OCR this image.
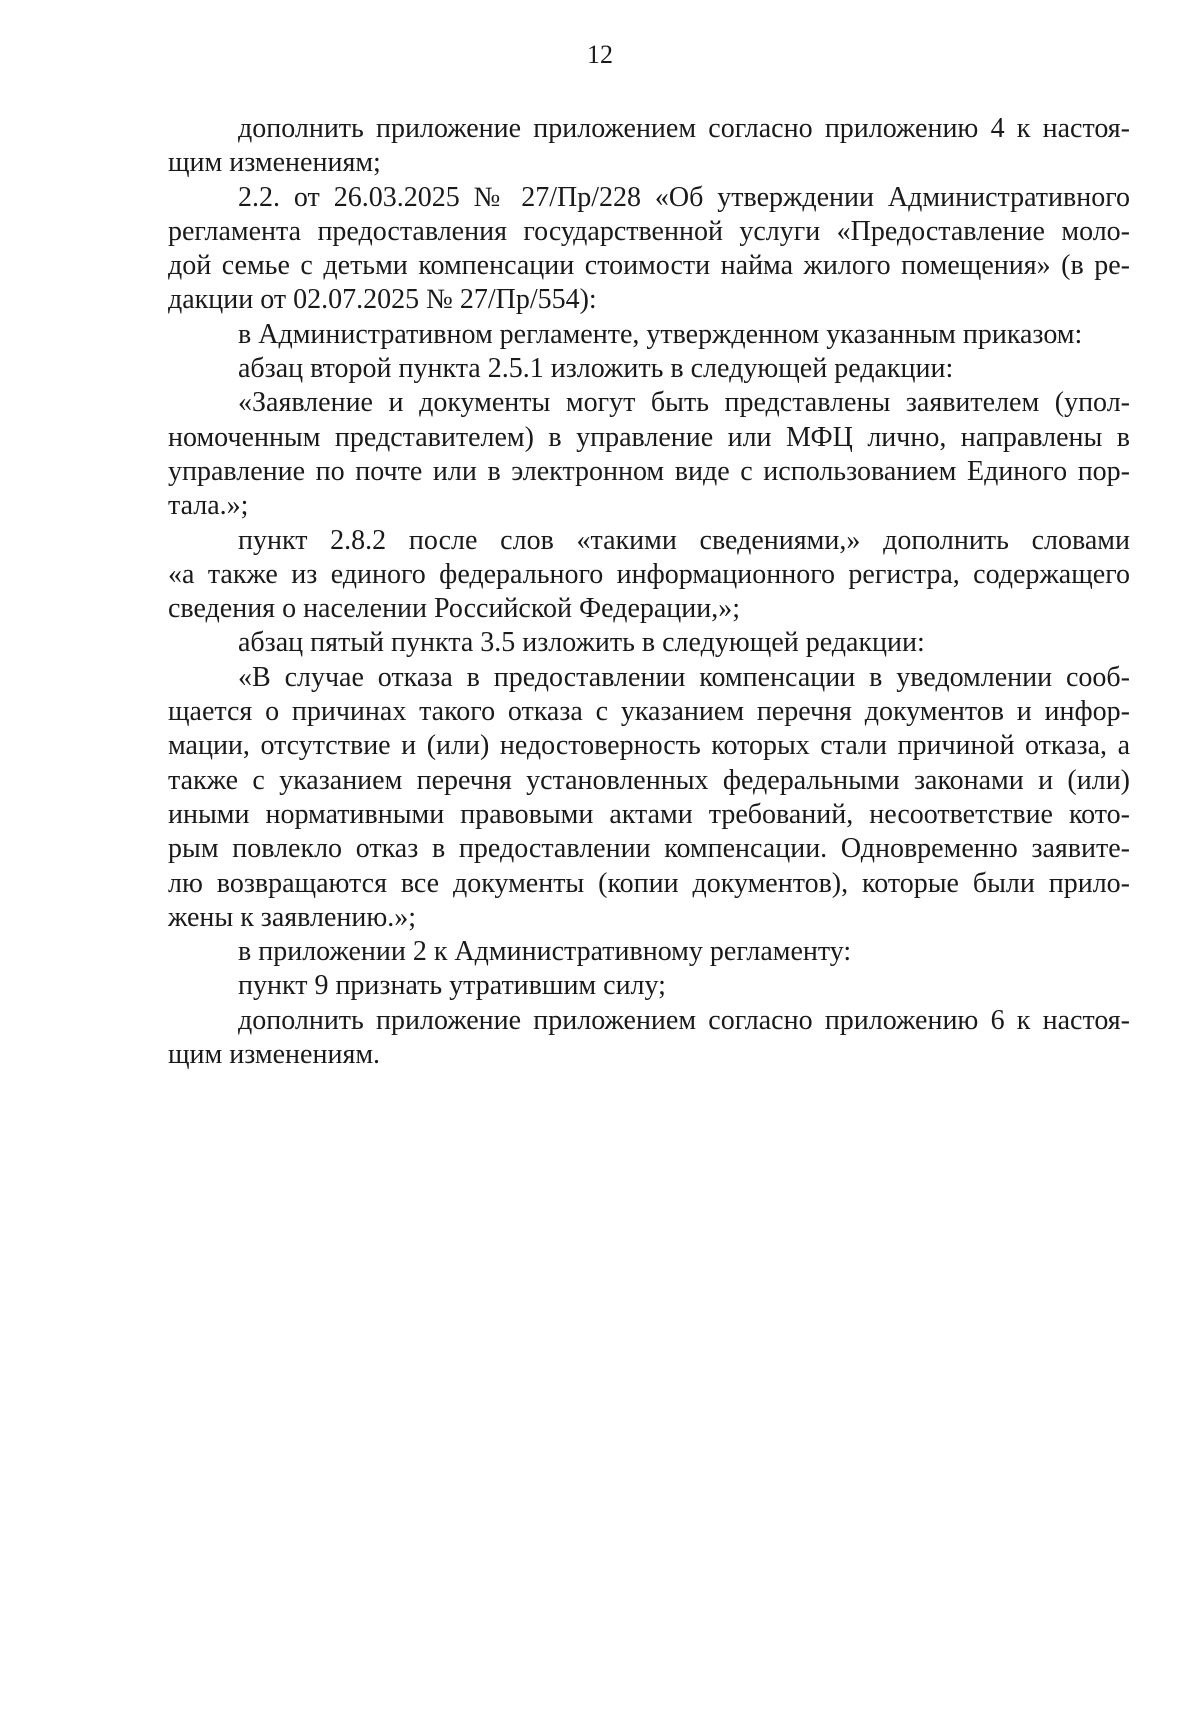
12
дополнить приложение приложением согласно приложению 4 к настоя-
щим изменениям;
2.2. от 26.03.2025 № 27/Пр/228 «Об утверждении Административного
регламента предоставления государственной услуги «Предоставление моло-
дой семье с детьми компенсации стоимости найма жилого помещения» (в ре-
дакции от 02.07.2025 № 27/Пр/554):
в Административном регламенте, утвержденном указанным приказом:
абзац второй пункта 2.5.1 изложить в следующей редакции:
«Заявление и документы могут быть представлены заявителем (упол-
номоченным представителем) в управление или МФЦ лично, направлены в
управление по почте или в электронном виде с использованием Единого пор-
тала.»;
пункт 2.8.2 после слов «такими сведениями,» дополнить словами
«а также из единого федерального информационного регистра, содержащего
сведения о населении Российской Федерации,»;
абзац пятый пункта 3.5 изложить в следующей редакции:
«В случае отказа в предоставлении компенсации в уведомлении сооб-
щается о причинах такого отказа с указанием перечня документов и инфор-
мации, отсутствие и (или) недостоверность которых стали причиной отказа, а
также с указанием перечня установленных федеральными законами и (или)
иными нормативными правовыми актами требований, несоответствие кото-
рым повлекло отказ в предоставлении компенсации. Одновременно заявите-
лю возвращаются все документы (копии документов), которые были прило-
жены к заявлению.»;
в приложении 2 к Административному регламенту:
пункт 9 признать утратившим силу;
дополнить приложение приложением согласно приложению 6 к настоя-
щим изменениям.
